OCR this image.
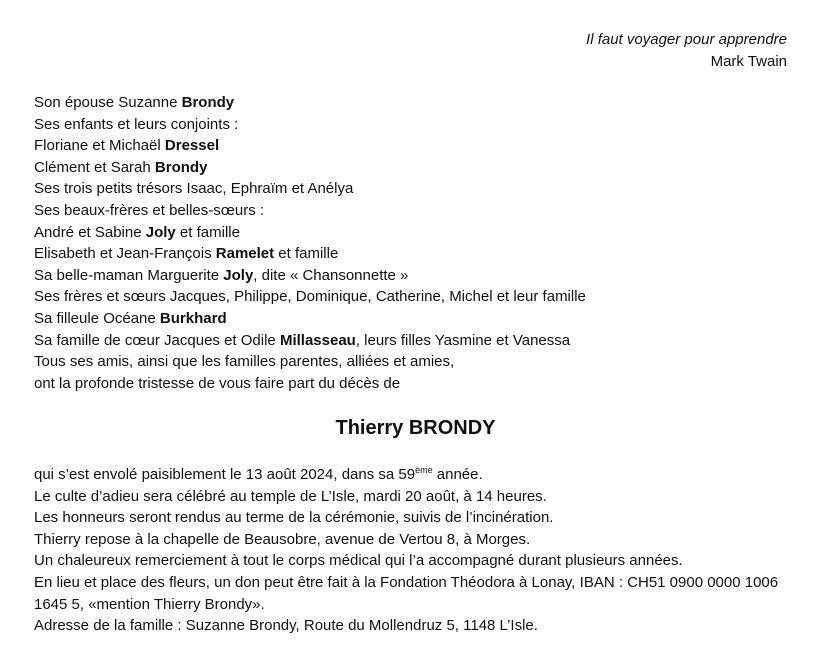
Il faut voyager pour apprendre
Mark Twain
Son épouse Suzanne Brondy
Ses enfants et leurs conjoints :
Floriane et Michaël Dressel
Clément et Sarah Brondy
Ses trois petits trésors Isaac, Ephraïm et Anélya
Ses beaux-frères et belles-sœurs :
André et Sabine Joly et famille
Elisabeth et Jean-François Ramelet et famille
Sa belle-maman Marguerite Joly, dite « Chansonnette »
Ses frères et sœurs Jacques, Philippe, Dominique, Catherine, Michel et leur famille
Sa filleule Océane Burkhard
Sa famille de cœur Jacques et Odile Millasseau, leurs filles Yasmine et Vanessa
Tous ses amis, ainsi que les familles parentes, alliées et amies,
ont la profonde tristesse de vous faire part du décès de
Thierry BRONDY
qui s’est envolé paisiblement le 13 août 2024, dans sa 59ème année.
Le culte d’adieu sera célébré au temple de L’Isle, mardi 20 août, à 14 heures.
Les honneurs seront rendus au terme de la cérémonie, suivis de l’incinération.
Thierry repose à la chapelle de Beausobre, avenue de Vertou 8, à Morges.
Un chaleureux remerciement à tout le corps médical qui l’a accompagné durant plusieurs années.
En lieu et place des fleurs, un don peut être fait à la Fondation Théodora à Lonay, IBAN : CH51 0900 0000 1006 1645 5, «mention Thierry Brondy».
Adresse de la famille : Suzanne Brondy, Route du Mollendruz 5, 1148 L’Isle.
